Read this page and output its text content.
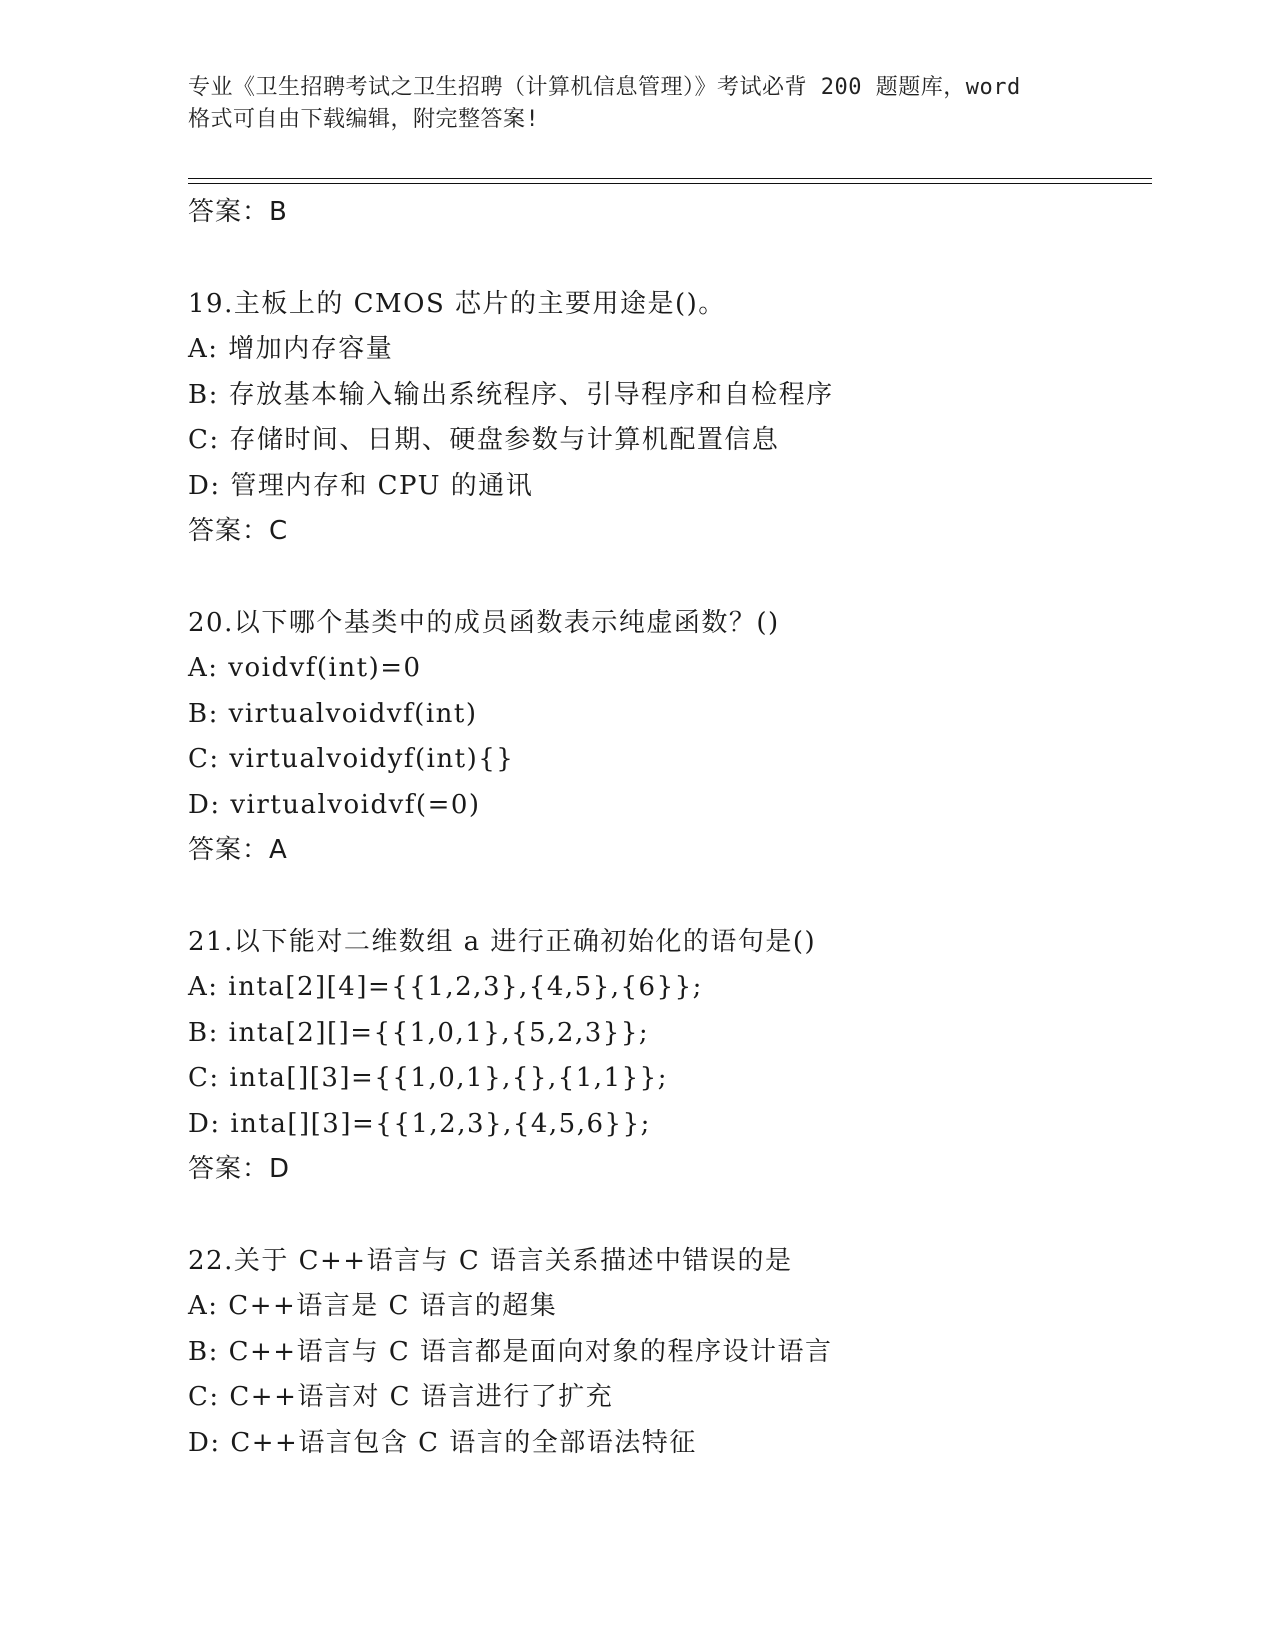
专业《卫生招聘考试之卫生招聘（计算机信息管理）》考试必背 200 题题库，word
格式可自由下载编辑，附完整答案!
答案：B
19.主板上的 CMOS 芯片的主要用途是()。
A: 增加内存容量
B: 存放基本输入输出系统程序、引导程序和自检程序
C: 存储时间、日期、硬盘参数与计算机配置信息
D: 管理内存和 CPU 的通讯
答案：C
20.以下哪个基类中的成员函数表示纯虚函数？()
A: voidvf(int)=0
B: virtualvoidvf(int)
C: virtualvoidyf(int){}
D: virtualvoidvf(=0)
答案：A
21.以下能对二维数组 a 进行正确初始化的语句是()
A: inta[2][4]={{1,2,3},{4,5},{6}};
B: inta[2][]={{1,0,1},{5,2,3}};
C: inta[][3]={{1,0,1},{},{1,1}};
D: inta[][3]={{1,2,3},{4,5,6}};
答案：D
22.关于 C++语言与 C 语言关系描述中错误的是
A: C++语言是 C 语言的超集
B: C++语言与 C 语言都是面向对象的程序设计语言
C: C++语言对 C 语言进行了扩充
D: C++语言包含 C 语言的全部语法特征
